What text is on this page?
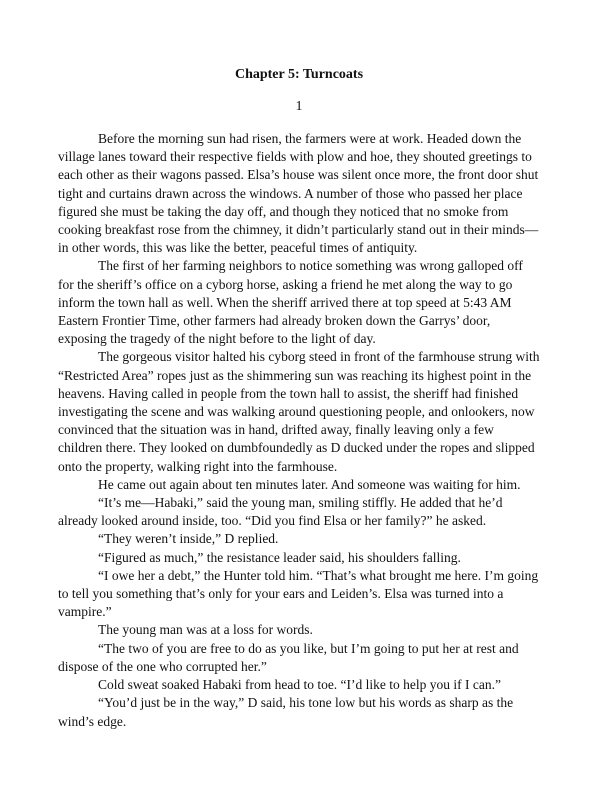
Chapter 5: Turncoats
1

Before the morning sun had risen, the farmers were at work. Headed down the village lanes toward their respective fields with plow and hoe, they shouted greetings to each other as their wagons passed. Elsa’s house was silent once more, the front door shut tight and curtains drawn across the windows. A number of those who passed her place figured she must be taking the day off, and though they noticed that no smoke from cooking breakfast rose from the chimney, it didn’t particularly stand out in their minds—in other words, this was like the better, peaceful times of antiquity.

The first of her farming neighbors to notice something was wrong galloped off for the sheriff’s office on a cyborg horse, asking a friend he met along the way to go inform the town hall as well. When the sheriff arrived there at top speed at 5:43 AM Eastern Frontier Time, other farmers had already broken down the Garrys’ door, exposing the tragedy of the night before to the light of day.

The gorgeous visitor halted his cyborg steed in front of the farmhouse strung with “Restricted Area” ropes just as the shimmering sun was reaching its highest point in the heavens. Having called in people from the town hall to assist, the sheriff had finished investigating the scene and was walking around questioning people, and onlookers, now convinced that the situation was in hand, drifted away, finally leaving only a few children there. They looked on dumbfoundedly as D ducked under the ropes and slipped onto the property, walking right into the farmhouse.

He came out again about ten minutes later. And someone was waiting for him.

“It’s me—Habaki,” said the young man, smiling stiffly. He added that he’d already looked around inside, too. “Did you find Elsa or her family?” he asked.

“They weren’t inside,” D replied.

“Figured as much,” the resistance leader said, his shoulders falling.

“I owe her a debt,” the Hunter told him. “That’s what brought me here. I’m going to tell you something that’s only for your ears and Leiden’s. Elsa was turned into a vampire.”

The young man was at a loss for words.

“The two of you are free to do as you like, but I’m going to put her at rest and dispose of the one who corrupted her.”

Cold sweat soaked Habaki from head to toe. “I’d like to help you if I can.”

“You’d just be in the way,” D said, his tone low but his words as sharp as the wind’s edge.
